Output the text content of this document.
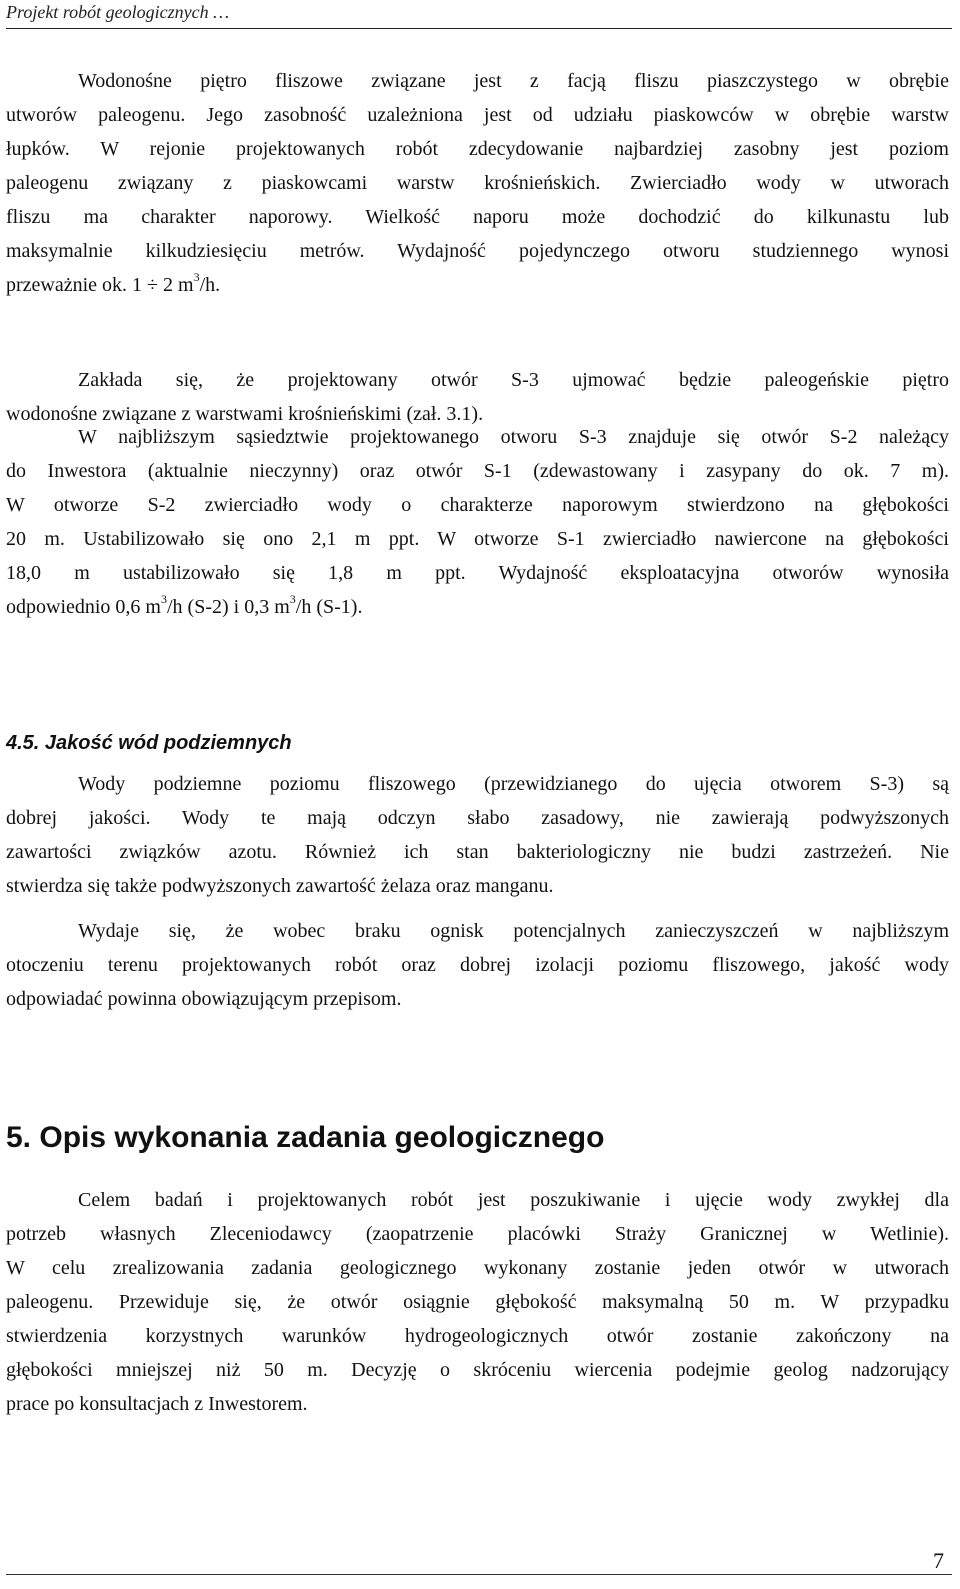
Projekt robót geologicznych …

Wodonośne piętro fliszowe związane jest z facją fliszu piaszczystego w obrębie
utworów paleogenu. Jego zasobność uzależniona jest od udziału piaskowców w obrębie warstw
łupków. W rejonie projektowanych robót zdecydowanie najbardziej zasobny jest poziom
paleogenu związany z piaskowcami warstw krośnieńskich. Zwierciadło wody w utworach
fliszu ma charakter naporowy. Wielkość naporu może dochodzić do kilkunastu lub
maksymalnie kilkudziesięciu metrów. Wydajność pojedynczego otworu studziennego wynosi
przeważnie ok. 1 ÷ 2 $m^3/h$.

Zakłada się, że projektowany otwór S-3 ujmować będzie paleogeńskie piętro
wodonośne związane z warstwami krośnieńskimi (zał. 3.1).

W najbliższym sąsiedztwie projektowanego otworu S-3 znajduje się otwór S-2 należący
do Inwestora (aktualnie nieczynny) oraz otwór S-1 (zdewastowany i zasypany do ok. 7 m).
W otworze S-2 zwierciadło wody o charakterze naporowym stwierdzono na głębokości
20 m. Ustabilizowało się ono 2,1 m ppt. W otworze S-1 zwierciadło nawiercone na głębokości
18,0 m ustabilizowało się 1,8 m ppt. Wydajność eksploatacyjna otworów wynosiła
odpowiednio 0,6 $m^3/h$ (S-2) i 0,3 $m^3/h$ (S-1).

4.5. Jakość wód podziemnych

Wody podziemne poziomu fliszowego (przewidzianego do ujęcia otworem S-3) są
dobrej jakości. Wody te mają odczyn słabo zasadowy, nie zawierają podwyższonych
zawartości związków azotu. Również ich stan bakteriologiczny nie budzi zastrzeżeń. Nie
stwierdza się także podwyższonych zawartość żelaza oraz manganu.

Wydaje się, że wobec braku ognisk potencjalnych zanieczyszczeń w najbliższym
otoczeniu terenu projektowanych robót oraz dobrej izolacji poziomu fliszowego, jakość wody
odpowiadać powinna obowiązującym przepisom.

5. Opis wykonania zadania geologicznego

Celem badań i projektowanych robót jest poszukiwanie i ujęcie wody zwykłej dla
potrzeb własnych Zleceniodawcy (zaopatrzenie placówki Straży Granicznej w Wetlinie).
W celu zrealizowania zadania geologicznego wykonany zostanie jeden otwór w utworach
paleogenu. Przewiduje się, że otwór osiągnie głębokość maksymalną 50 m. W przypadku
stwierdzenia korzystnych warunków hydrogeologicznych otwór zostanie zakończony na
głębokości mniejszej niż 50 m. Decyzję o skróceniu wiercenia podejmie geolog nadzorujący
prace po konsultacjach z Inwestorem.

7
